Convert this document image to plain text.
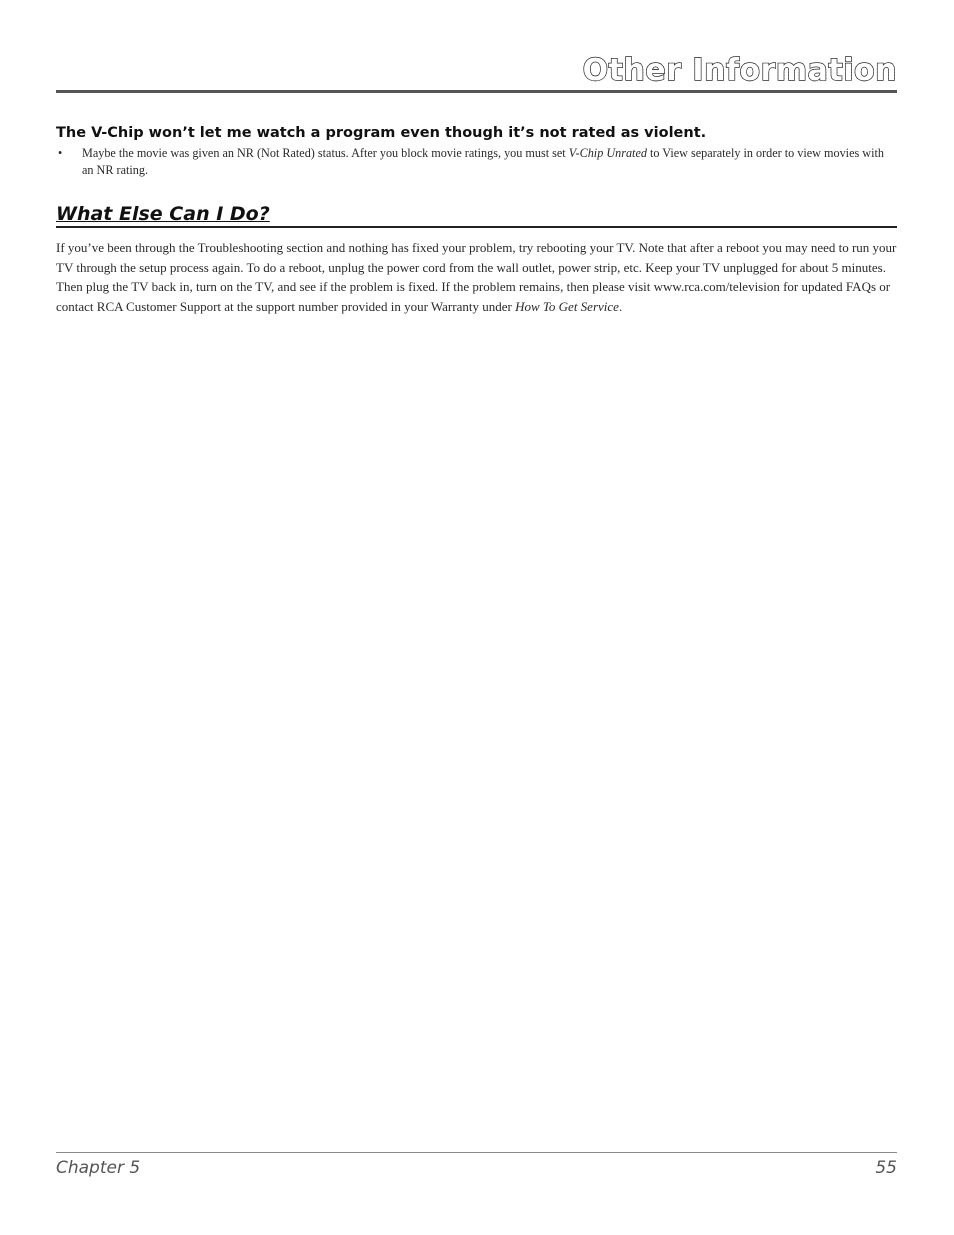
Other Information

The V-Chip won’t let me watch a program even though it’s not rated as violent.

• Maybe the movie was given an NR (Not Rated) status. After you block movie ratings, you must set V-Chip Unrated to View separately in order to view movies with an NR rating.
What Else Can I Do?

If you’ve been through the Troubleshooting section and nothing has fixed your problem, try rebooting your TV. Note that after a reboot you may need to run your TV through the setup process again. To do a reboot, unplug the power cord from the wall outlet, power strip, etc. Keep your TV unplugged for about 5 minutes. Then plug the TV back in, turn on the TV, and see if the problem is fixed. If the problem remains, then please visit www.rca.com/television for updated FAQs or contact RCA Customer Support at the support number provided in your Warranty under How To Get Service.

Chapter 5	55
